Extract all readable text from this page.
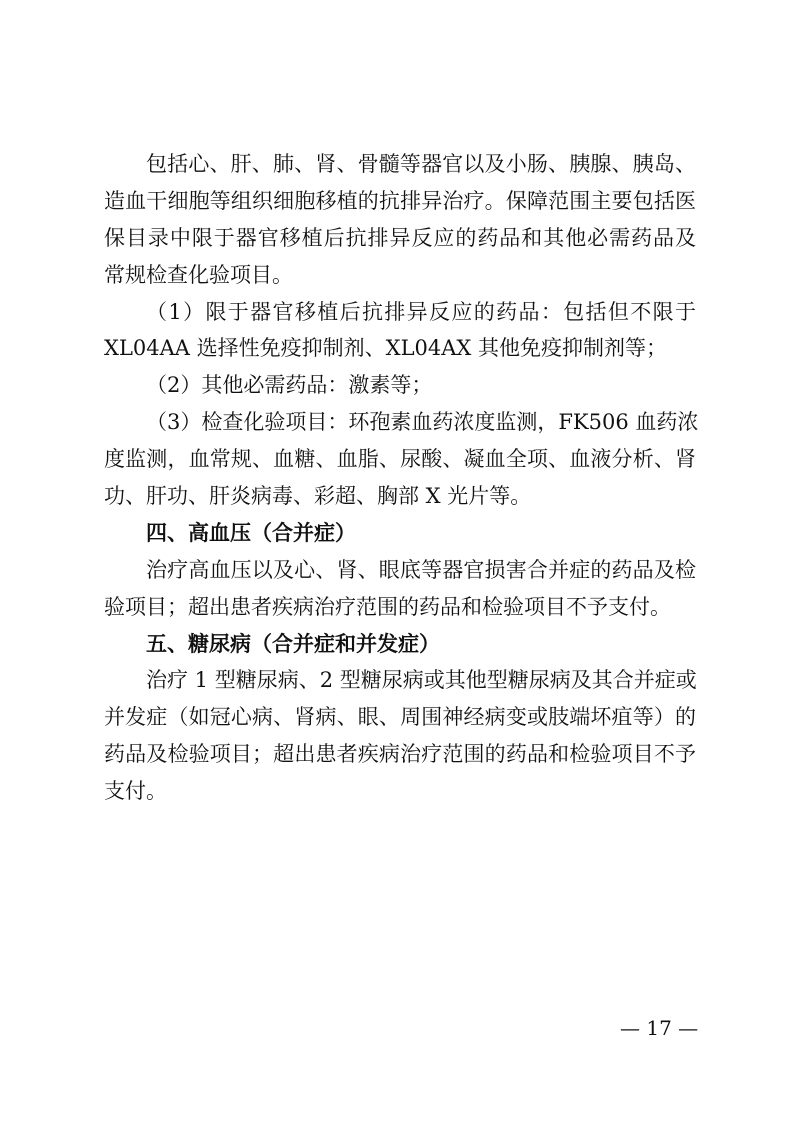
包括心、肝、肺、肾、骨髓等器官以及小肠、胰腺、胰岛、
造血干细胞等组织细胞移植的抗排异治疗。保障范围主要包括医
保目录中限于器官移植后抗排异反应的药品和其他必需药品及
常规检查化验项目。
（1）限于器官移植后抗排异反应的药品：包括但不限于
XL04AA 选择性免疫抑制剂、XL04AX 其他免疫抑制剂等；
（2）其他必需药品：激素等；
（3）检查化验项目：环孢素血药浓度监测，FK506 血药浓
度监测，血常规、血糖、血脂、尿酸、凝血全项、血液分析、肾
功、肝功、肝炎病毒、彩超、胸部 X 光片等。
四、高血压（合并症）
治疗高血压以及心、肾、眼底等器官损害合并症的药品及检
验项目；超出患者疾病治疗范围的药品和检验项目不予支付。
五、糖尿病（合并症和并发症）
治疗 1 型糖尿病、2 型糖尿病或其他型糖尿病及其合并症或
并发症（如冠心病、肾病、眼、周围神经病变或肢端坏疽等）的
药品及检验项目；超出患者疾病治疗范围的药品和检验项目不予
支付。
— 17 —
